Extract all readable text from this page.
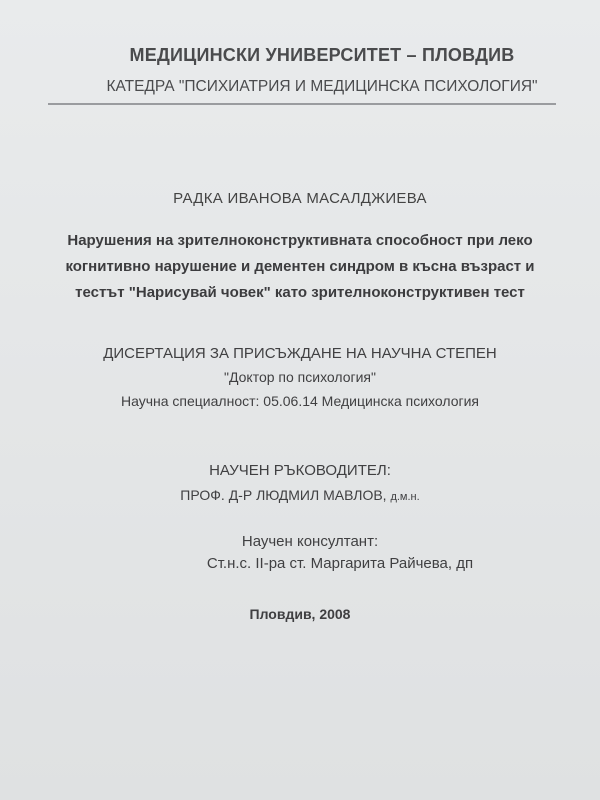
МЕДИЦИНСКИ УНИВЕРСИТЕТ – ПЛОВДИВ
КАТЕДРА "ПСИХИАТРИЯ И МЕДИЦИНСКА ПСИХОЛОГИЯ"
РАДКА ИВАНОВА МАСАЛДЖИЕВА
Нарушения на зрителноконструктивната способност при леко
когнитивно нарушение и дементен синдром в късна възраст и
тестът "Нарисувай човек" като зрителноконструктивен тест
ДИСЕРТАЦИЯ ЗА ПРИСЪЖДАНЕ НА НАУЧНА СТЕПЕН
"Доктор по психология"
Научна специалност: 05.06.14 Медицинска психология
НАУЧЕН РЪКОВОДИТЕЛ:
ПРОФ. Д-Р ЛЮДМИЛ МАВЛОВ, д.м.н.
Научен консултант:
Ст.н.с. II-ра ст. Маргарита Райчева, дп
Пловдив, 2008
